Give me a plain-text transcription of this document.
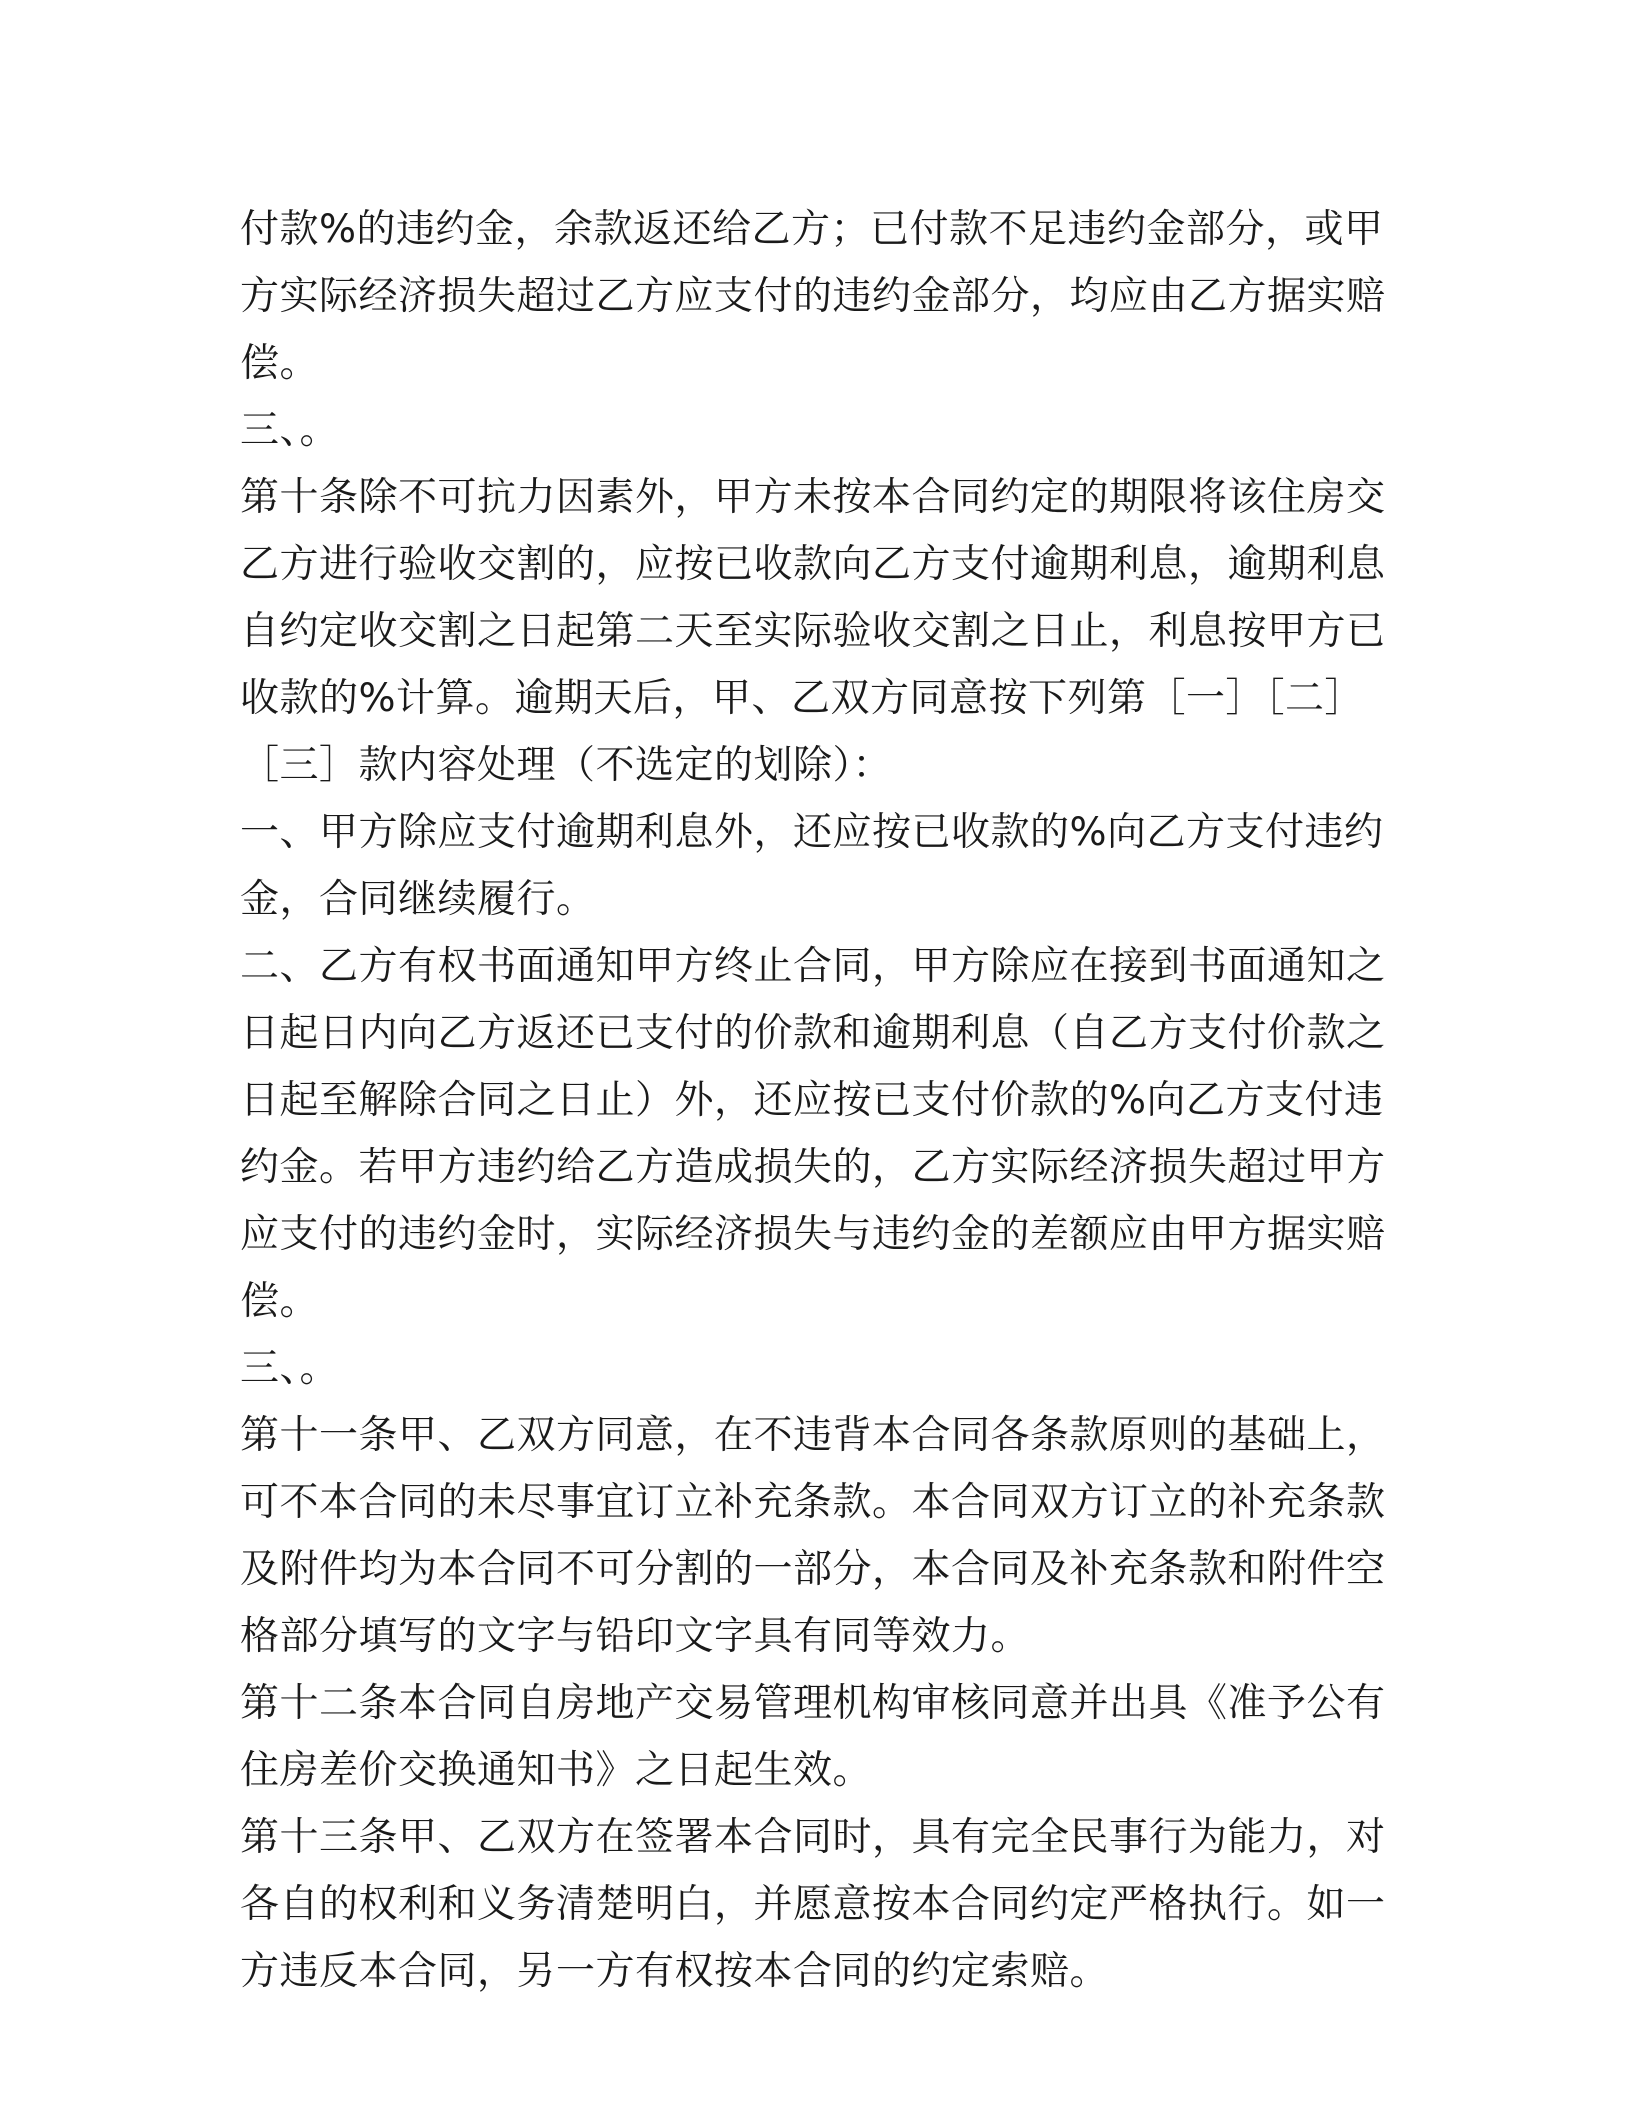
付款%的违约金，余款返还给乙方；已付款不足违约金部分，或甲方实际经济损失超过乙方应支付的违约金部分，均应由乙方据实赔偿。

三、。

第十条除不可抗力因素外，甲方未按本合同约定的期限将该住房交乙方进行验收交割的，应按已收款向乙方支付逾期利息，逾期利息自约定收交割之日起第二天至实际验收交割之日止，利息按甲方已收款的%计算。逾期天后，甲、乙双方同意按下列第［一］［二］［三］款内容处理（不选定的划除）：

一、甲方除应支付逾期利息外，还应按已收款的%向乙方支付违约金，合同继续履行。

二、乙方有权书面通知甲方终止合同，甲方除应在接到书面通知之日起日内向乙方返还已支付的价款和逾期利息（自乙方支付价款之日起至解除合同之日止）外，还应按已支付价款的%向乙方支付违约金。若甲方违约给乙方造成损失的，乙方实际经济损失超过甲方应支付的违约金时，实际经济损失与违约金的差额应由甲方据实赔偿。

三、。

第十一条甲、乙双方同意，在不违背本合同各条款原则的基础上，可不本合同的未尽事宜订立补充条款。本合同双方订立的补充条款及附件均为本合同不可分割的一部分，本合同及补充条款和附件空格部分填写的文字与铅印文字具有同等效力。

第十二条本合同自房地产交易管理机构审核同意并出具《准予公有住房差价交换通知书》之日起生效。

第十三条甲、乙双方在签署本合同时，具有完全民事行为能力，对各自的权利和义务清楚明白，并愿意按本合同约定严格执行。如一方违反本合同，另一方有权按本合同的约定索赔。
